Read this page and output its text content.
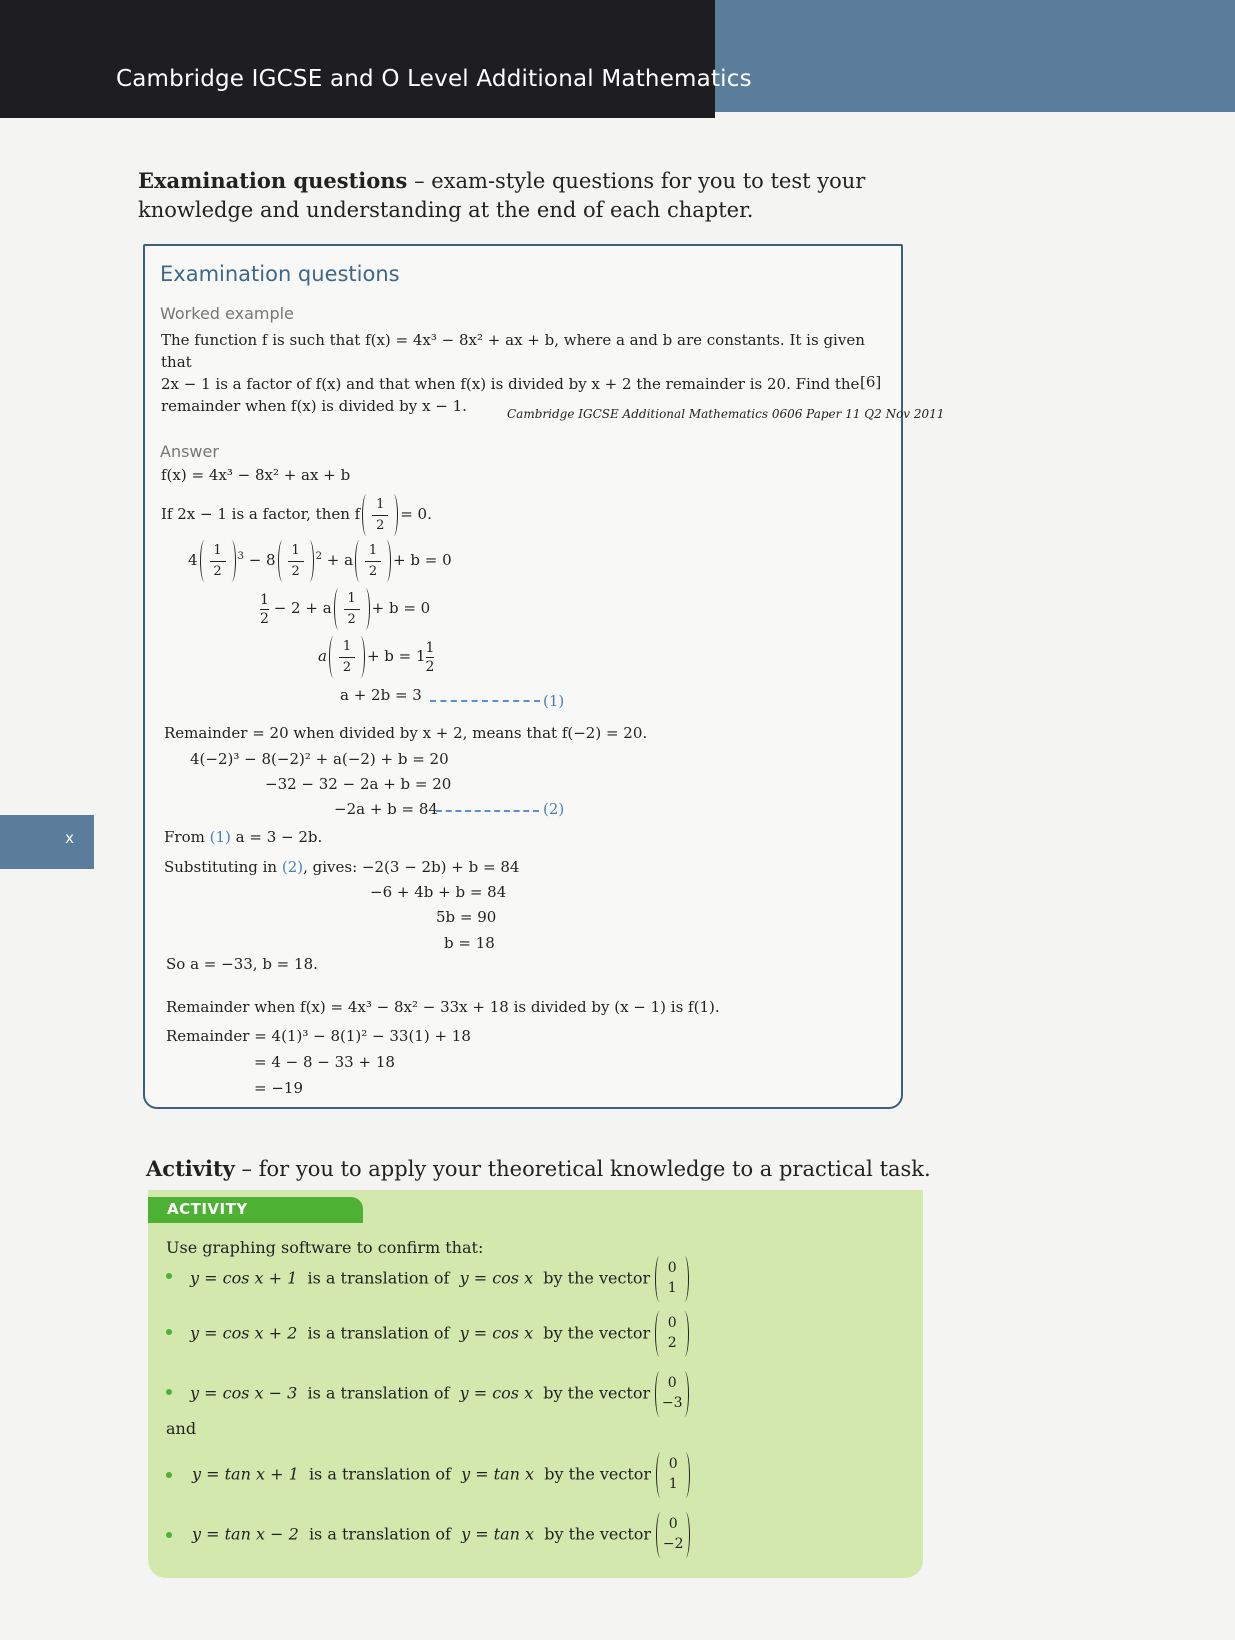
Cambridge IGCSE and O Level Additional Mathematics
x
Examination questions – exam-style questions for you to test your knowledge and understanding at the end of each chapter.
Examination questions
Worked example
The function f is such that f(x) = 4x³ − 8x² + ax + b, where a and b are constants. It is given that
2x − 1 is a factor of f(x) and that when f(x) is divided by x + 2 the remainder is 20. Find the
remainder when f(x) is divided by x − 1.
[6]
Cambridge IGCSE Additional Mathematics 0606 Paper 11 Q2 Nov 2011
Answer
f(x) = 4x³ − 8x² + ax + b
If 2x − 1 is a factor, then f
1
2
= 0.
4
1
2
$^3$ − 8
1
2
$^2$ + a
1
2
+ b = 0
$\frac{1}{2} - 2 + a$
1
2
+ b = 0
a
1
2
+ $b = 1 \frac{1}{2}$
a + 2b = 3	(1)
Remainder = 20 when divided by x + 2, means that f(−2) = 20.
4(−2)³ − 8(−2)² + a(−2) + b = 20
−32 − 32 − 2a + b = 20
−2a + b = 84	(2)
From (1) a = 3 − 2b.
Substituting in (2), gives: −2(3 − 2b) + b = 84
−6 + 4b + b = 84
5b = 90
b = 18
So a = −33, b = 18.
Remainder when f(x) = 4x³ − 8x² − 33x + 18 is divided by (x − 1) is f(1).
Remainder = 4(1)³ − 8(1)² − 33(1) + 18
= 4 − 8 − 33 + 18
= −19
Activity – for you to apply your theoretical knowledge to a practical task.
ACTIVITY
Use graphing software to confirm that:
y = cos x + 1 is a translation of y = cos x by the vector
0
1
y = cos x + 2 is a translation of y = cos x by the vector
0
2
y = cos x − 3 is a translation of y = cos x by the vector
0
−3
and
y = tan x + 1 is a translation of y = tan x by the vector
0
1
y = tan x − 2 is a translation of y = tan x by the vector
0
−2
